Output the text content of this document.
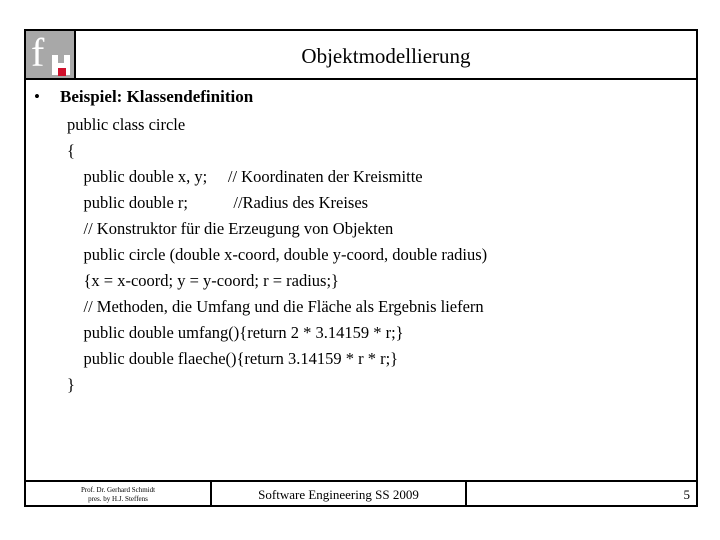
f	Objektmodellierung
• Beispiel: Klassendefinition
public class circle
{
public double x, y;     // Koordinaten der Kreismitte
public double r;           //Radius des Kreises
// Konstruktor für die Erzeugung von Objekten
public circle (double x-coord, double y-coord, double radius)
{x = x-coord; y = y-coord; r = radius;}
// Methoden, die Umfang und die Fläche als Ergebnis liefern
public double umfang(){return 2 * 3.14159 * r;}
public double flaeche(){return 3.14159 * r * r;}
}
Prof. Dr. Gerhard Schmidt
pres. by H.J. Steffens	Software Engineering SS 2009	5
